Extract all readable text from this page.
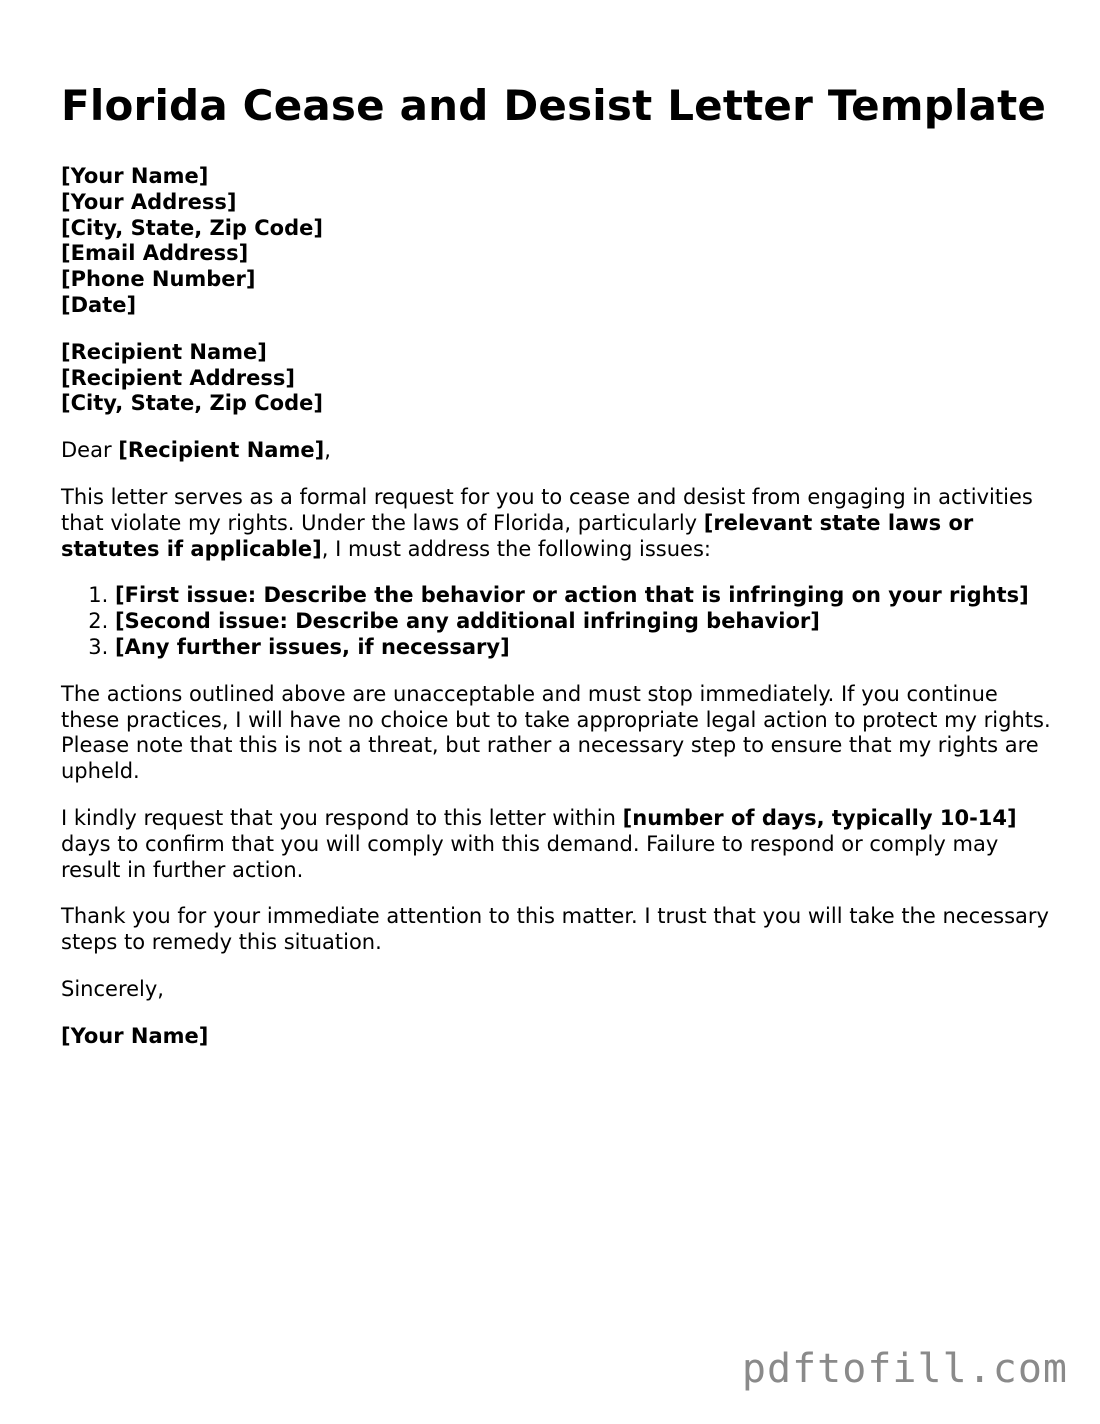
Florida Cease and Desist Letter Template
[Your Name]
[Your Address]
[City, State, Zip Code]
[Email Address]
[Phone Number]
[Date]
[Recipient Name]
[Recipient Address]
[City, State, Zip Code]
Dear [Recipient Name],
This letter serves as a formal request for you to cease and desist from engaging in activities that violate my rights. Under the laws of Florida, particularly [relevant state laws or statutes if applicable], I must address the following issues:
1. [First issue: Describe the behavior or action that is infringing on your rights]
2. [Second issue: Describe any additional infringing behavior]
3. [Any further issues, if necessary]
The actions outlined above are unacceptable and must stop immediately. If you continue these practices, I will have no choice but to take appropriate legal action to protect my rights. Please note that this is not a threat, but rather a necessary step to ensure that my rights are upheld.
I kindly request that you respond to this letter within [number of days, typically 10-14] days to confirm that you will comply with this demand. Failure to respond or comply may result in further action.
Thank you for your immediate attention to this matter. I trust that you will take the necessary steps to remedy this situation.
Sincerely,
[Your Name]
pdftofill.com
